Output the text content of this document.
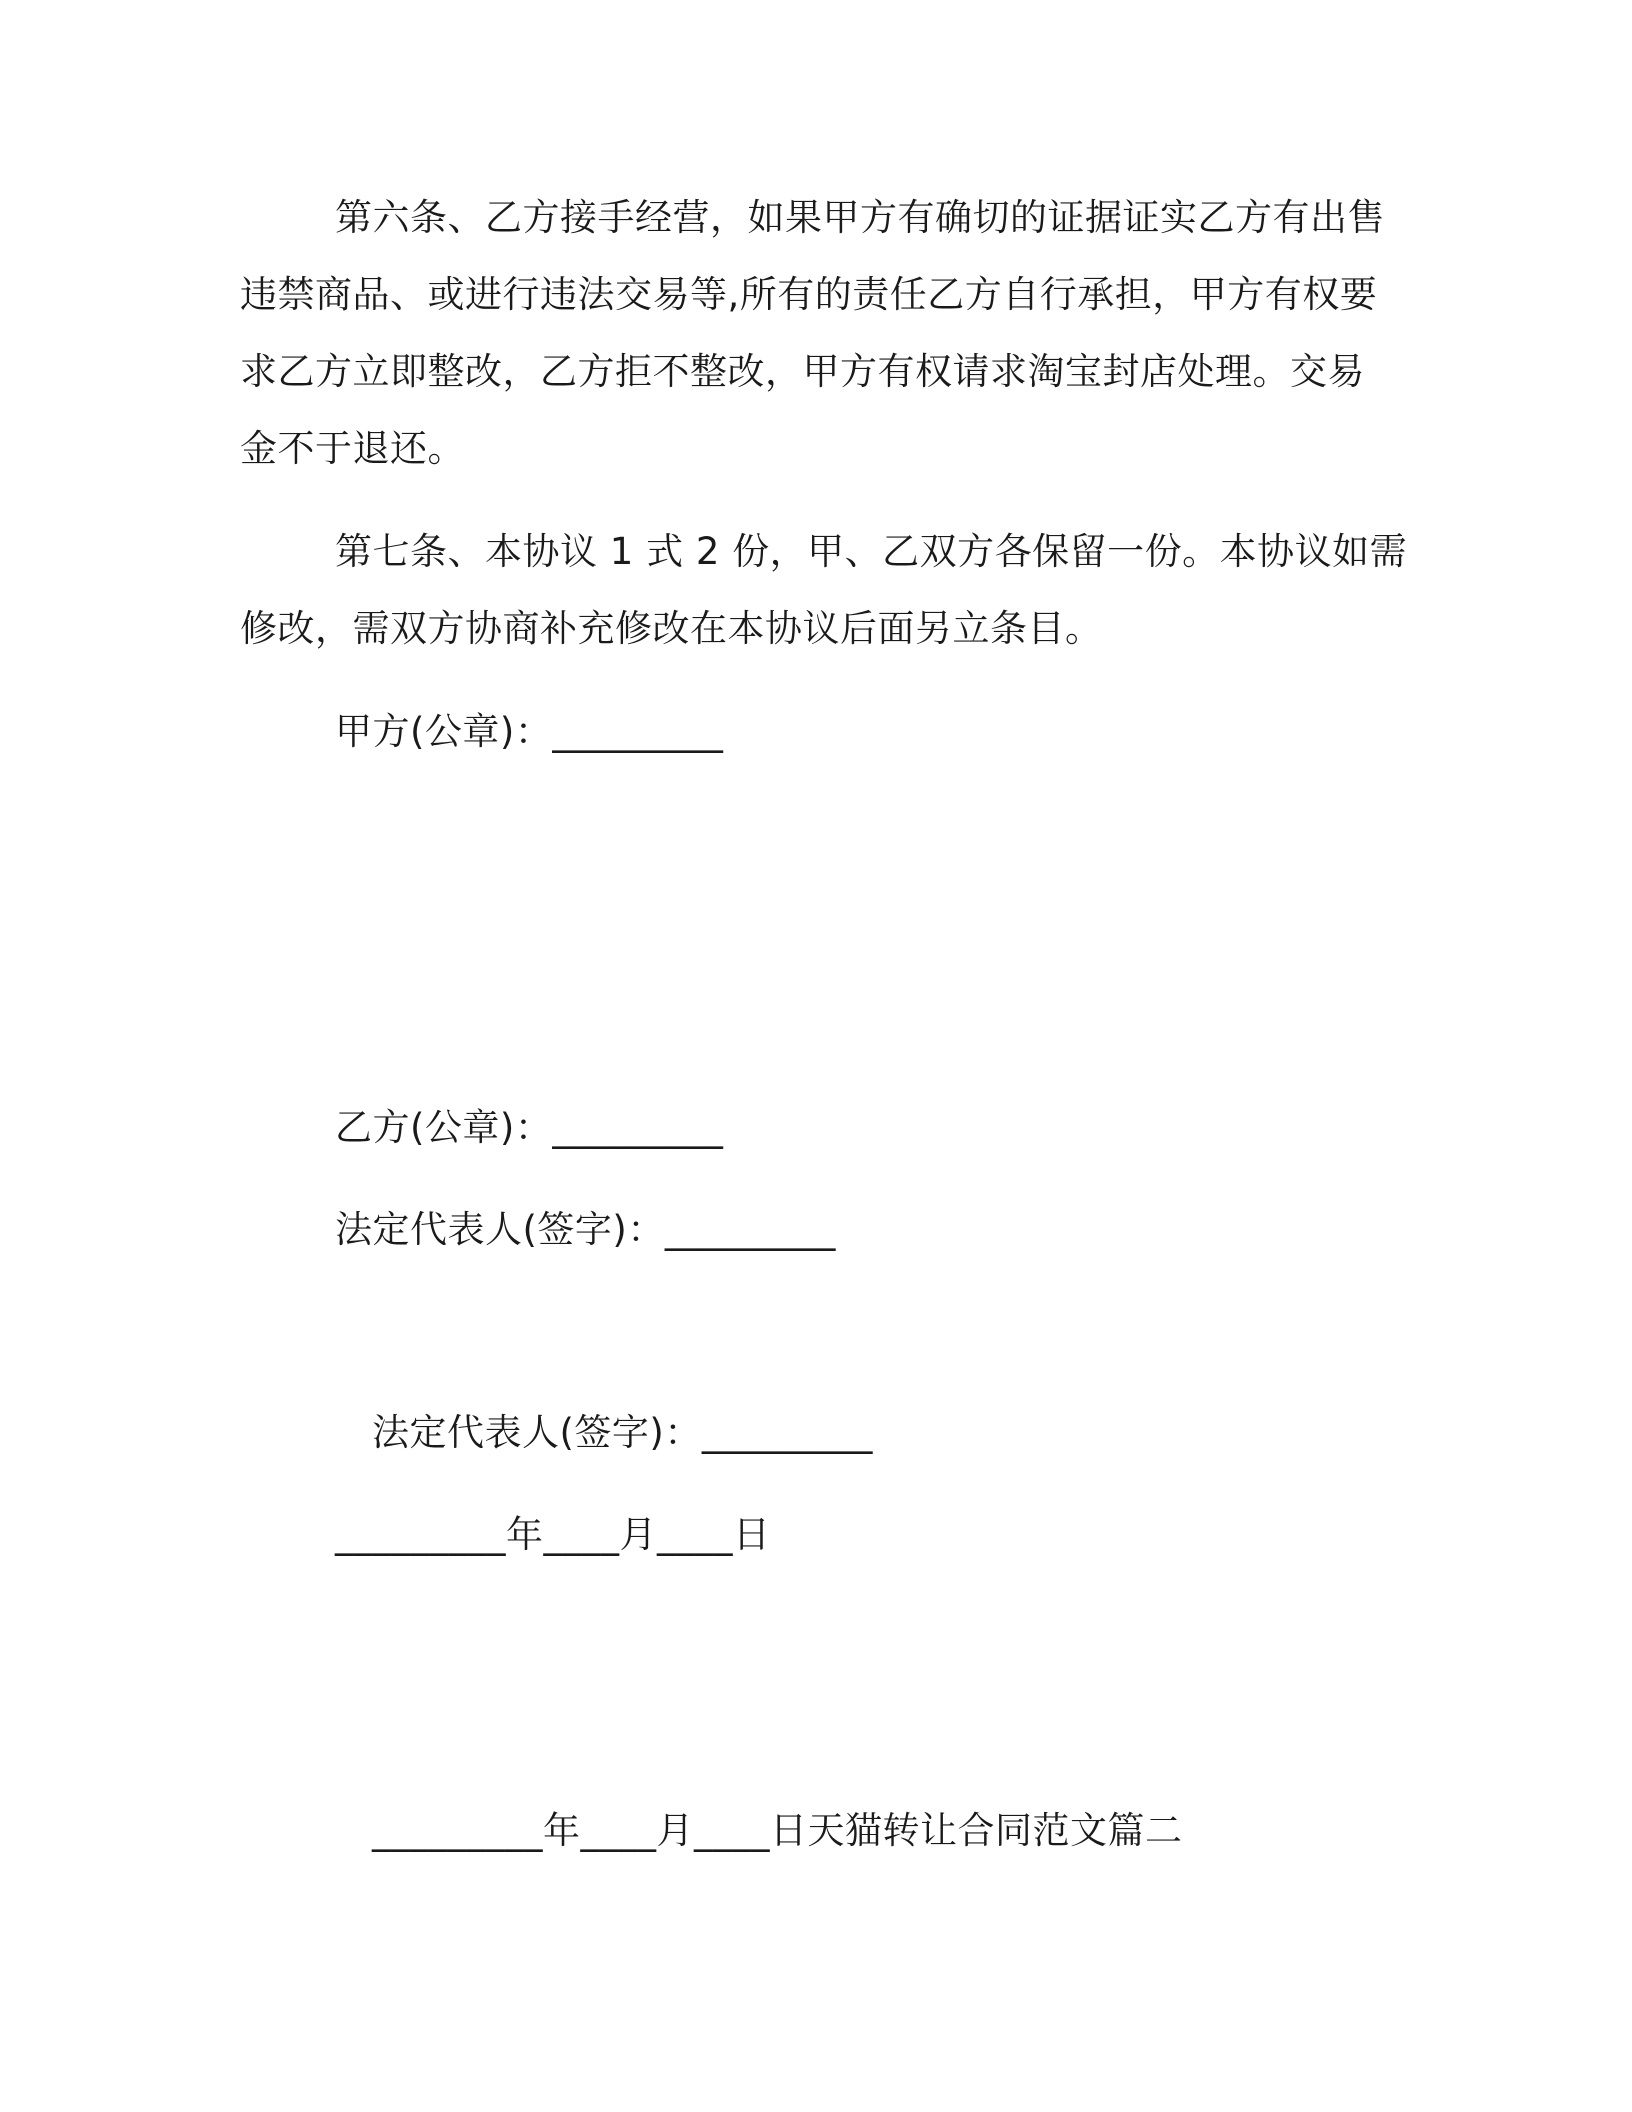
第六条、乙方接手经营，如果甲方有确切的证据证实乙方有出售
违禁商品、或进行违法交易等,所有的责任乙方自行承担，甲方有权要
求乙方立即整改，乙方拒不整改，甲方有权请求淘宝封店处理。交易
金不于退还。
第七条、本协议 1 式 2 份，甲、乙双方各保留一份。本协议如需
修改，需双方协商补充修改在本协议后面另立条目。
甲方(公章)：_________
乙方(公章)：_________
法定代表人(签字)：_________
法定代表人(签字)：_________
_________年____月____日
_________年____月____日天猫转让合同范文篇二
